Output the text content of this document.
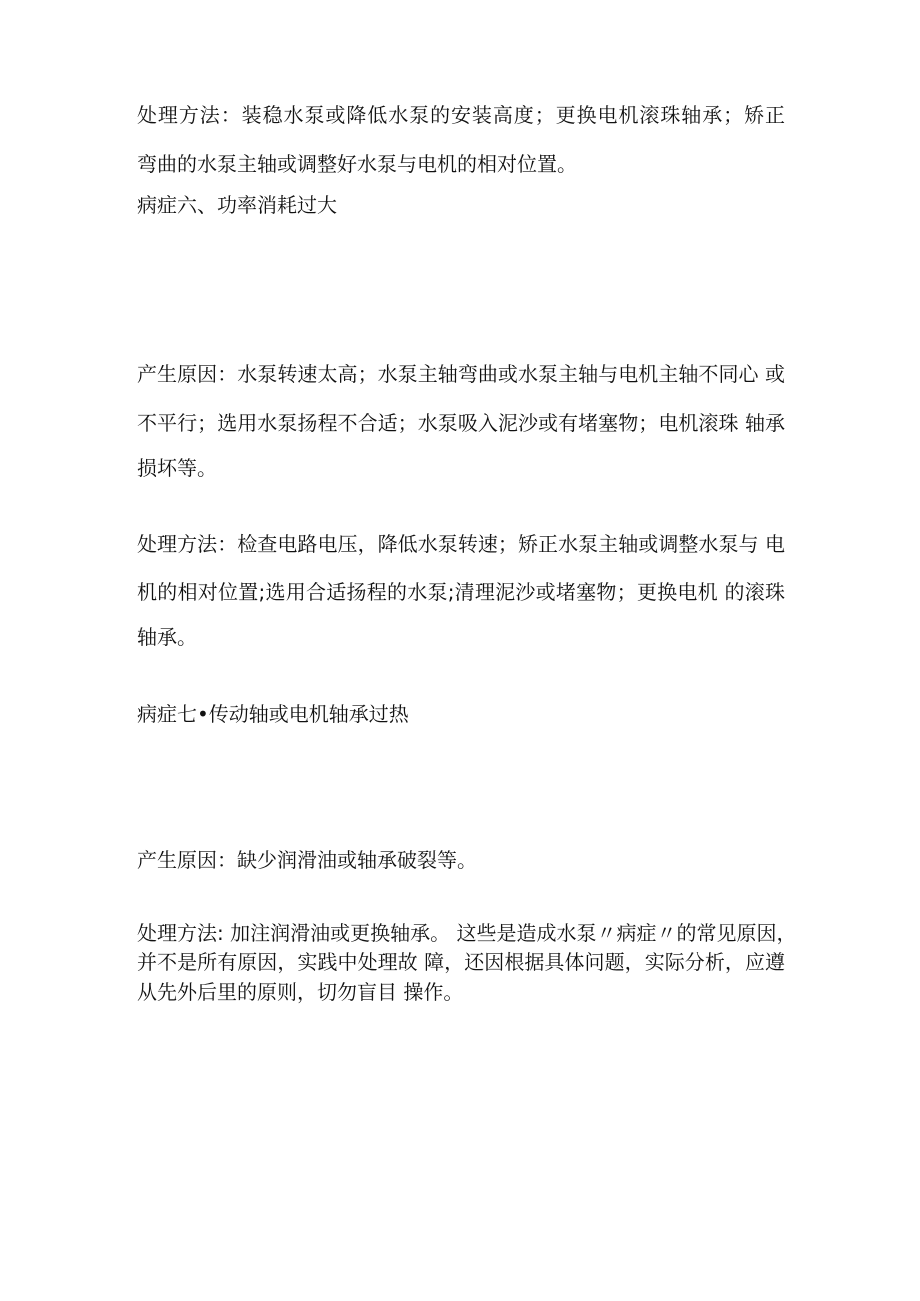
处理方法：装稳水泵或降低水泵的安装高度；更换电机滚珠轴承；矫正
弯曲的水泵主轴或调整好水泵与电机的相对位置。
病症六、功率消耗过大
产生原因：水泵转速太高；水泵主轴弯曲或水泵主轴与电机主轴不同心 或
不平行；选用水泵扬程不合适；水泵吸入泥沙或有堵塞物；电机滚珠 轴承
损坏等。
处理方法：检查电路电压，降低水泵转速；矫正水泵主轴或调整水泵与 电
机的相对位置;选用合适扬程的水泵;清理泥沙或堵塞物；更换电机 的滚珠
轴承。
病症七•传动轴或电机轴承过热
产生原因：缺少润滑油或轴承破裂等。
处理方法: 加注润滑油或更换轴承。 这些是造成水泵〃病症〃的常见原因，
并不是所有原因，实践中处理故 障，还因根据具体问题，实际分析，应遵
从先外后里的原则，切勿盲目 操作。
